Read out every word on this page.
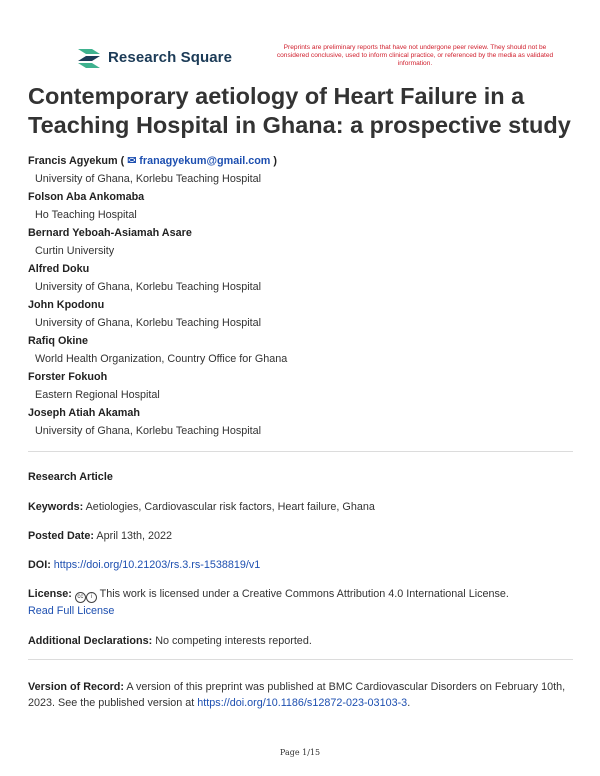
Research Square
Preprints are preliminary reports that have not undergone peer review. They should not be considered conclusive, used to inform clinical practice, or referenced by the media as validated information.
Contemporary aetiology of Heart Failure in a Teaching Hospital in Ghana: a prospective study
Francis Agyekum ( ✉ franagyekum@gmail.com )
University of Ghana, Korlebu Teaching Hospital
Folson Aba Ankomaba
Ho Teaching Hospital
Bernard Yeboah-Asiamah Asare
Curtin University
Alfred Doku
University of Ghana, Korlebu Teaching Hospital
John Kpodonu
University of Ghana, Korlebu Teaching Hospital
Rafiq Okine
World Health Organization, Country Office for Ghana
Forster Fokuoh
Eastern Regional Hospital
Joseph Atiah Akamah
University of Ghana, Korlebu Teaching Hospital
Research Article
Keywords: Aetiologies, Cardiovascular risk factors, Heart failure, Ghana
Posted Date: April 13th, 2022
DOI: https://doi.org/10.21203/rs.3.rs-1538819/v1
License: cc i This work is licensed under a Creative Commons Attribution 4.0 International License.
Read Full License
Additional Declarations: No competing interests reported.
Version of Record: A version of this preprint was published at BMC Cardiovascular Disorders on February 10th, 2023. See the published version at https://doi.org/10.1186/s12872-023-03103-3.
Page 1/15
